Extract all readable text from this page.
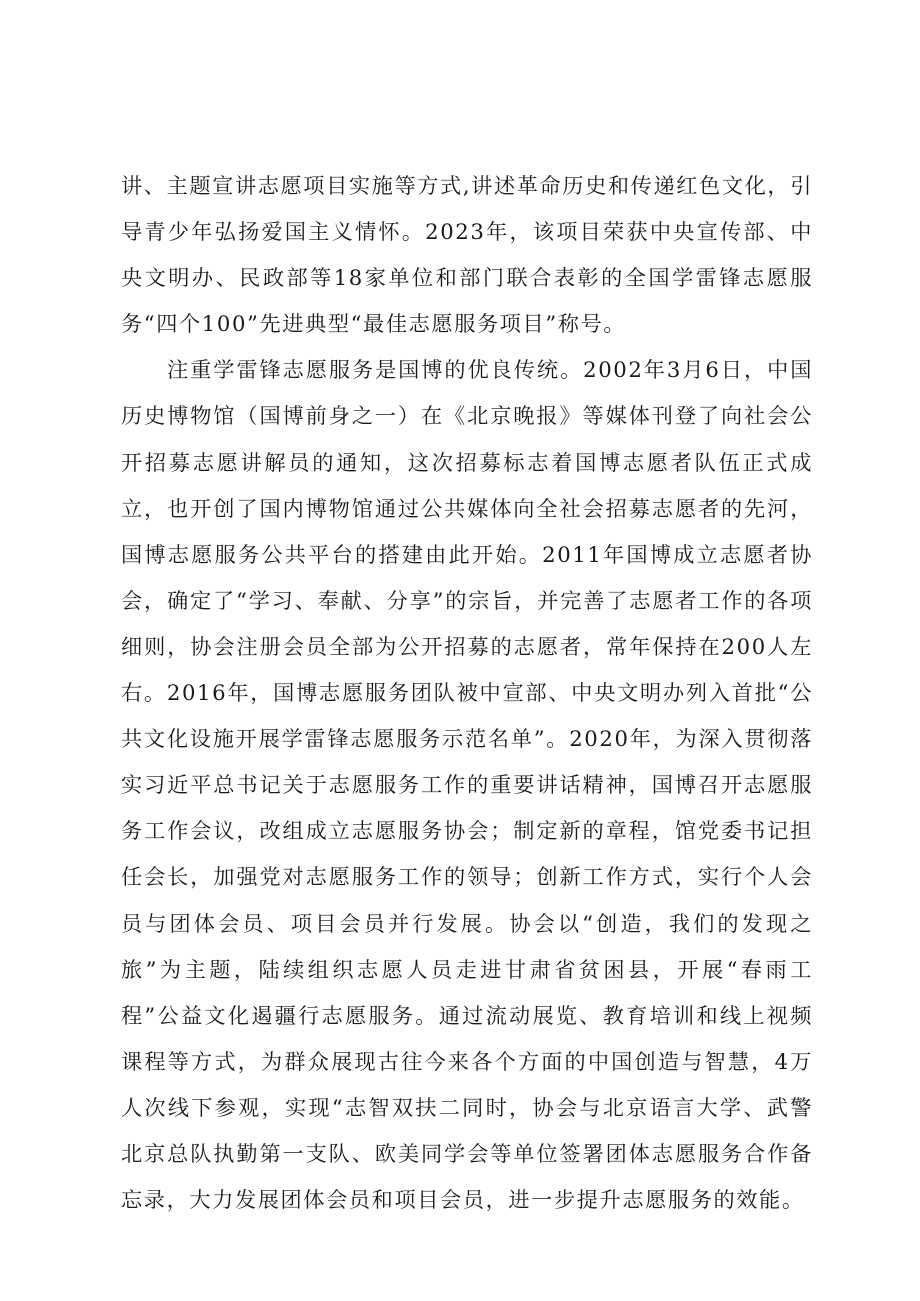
讲、主题宣讲志愿项目实施等方式,讲述革命历史和传递红色文化，引导青少年弘扬爱国主义情怀。2023年，该项目荣获中央宣传部、中央文明办、民政部等18家单位和部门联合表彰的全国学雷锋志愿服务“四个100”先进典型“最佳志愿服务项目”称号。

注重学雷锋志愿服务是国博的优良传统。2002年3月6日，中国历史博物馆（国博前身之一）在《北京晚报》等媒体刊登了向社会公开招募志愿讲解员的通知，这次招募标志着国博志愿者队伍正式成立，也开创了国内博物馆通过公共媒体向全社会招募志愿者的先河，国博志愿服务公共平台的搭建由此开始。2011年国博成立志愿者协会，确定了“学习、奉献、分享”的宗旨，并完善了志愿者工作的各项细则，协会注册会员全部为公开招募的志愿者，常年保持在200人左右。2016年，国博志愿服务团队被中宣部、中央文明办列入首批“公共文化设施开展学雷锋志愿服务示范名单”。2020年，为深入贯彻落实习近平总书记关于志愿服务工作的重要讲话精神，国博召开志愿服务工作会议，改组成立志愿服务协会；制定新的章程，馆党委书记担任会长，加强党对志愿服务工作的领导；创新工作方式，实行个人会员与团体会员、项目会员并行发展。协会以“创造，我们的发现之旅”为主题，陆续组织志愿人员走进甘肃省贫困县，开展“春雨工程”公益文化遏疆行志愿服务。通过流动展览、教育培训和线上视频课程等方式，为群众展现古往今来各个方面的中国创造与智慧，4万人次线下参观，实现“志智双扶二同时，协会与北京语言大学、武警北京总队执勤第一支队、欧美同学会等单位签署团体志愿服务合作备忘录，大力发展团体会员和项目会员，进一步提升志愿服务的效能。
